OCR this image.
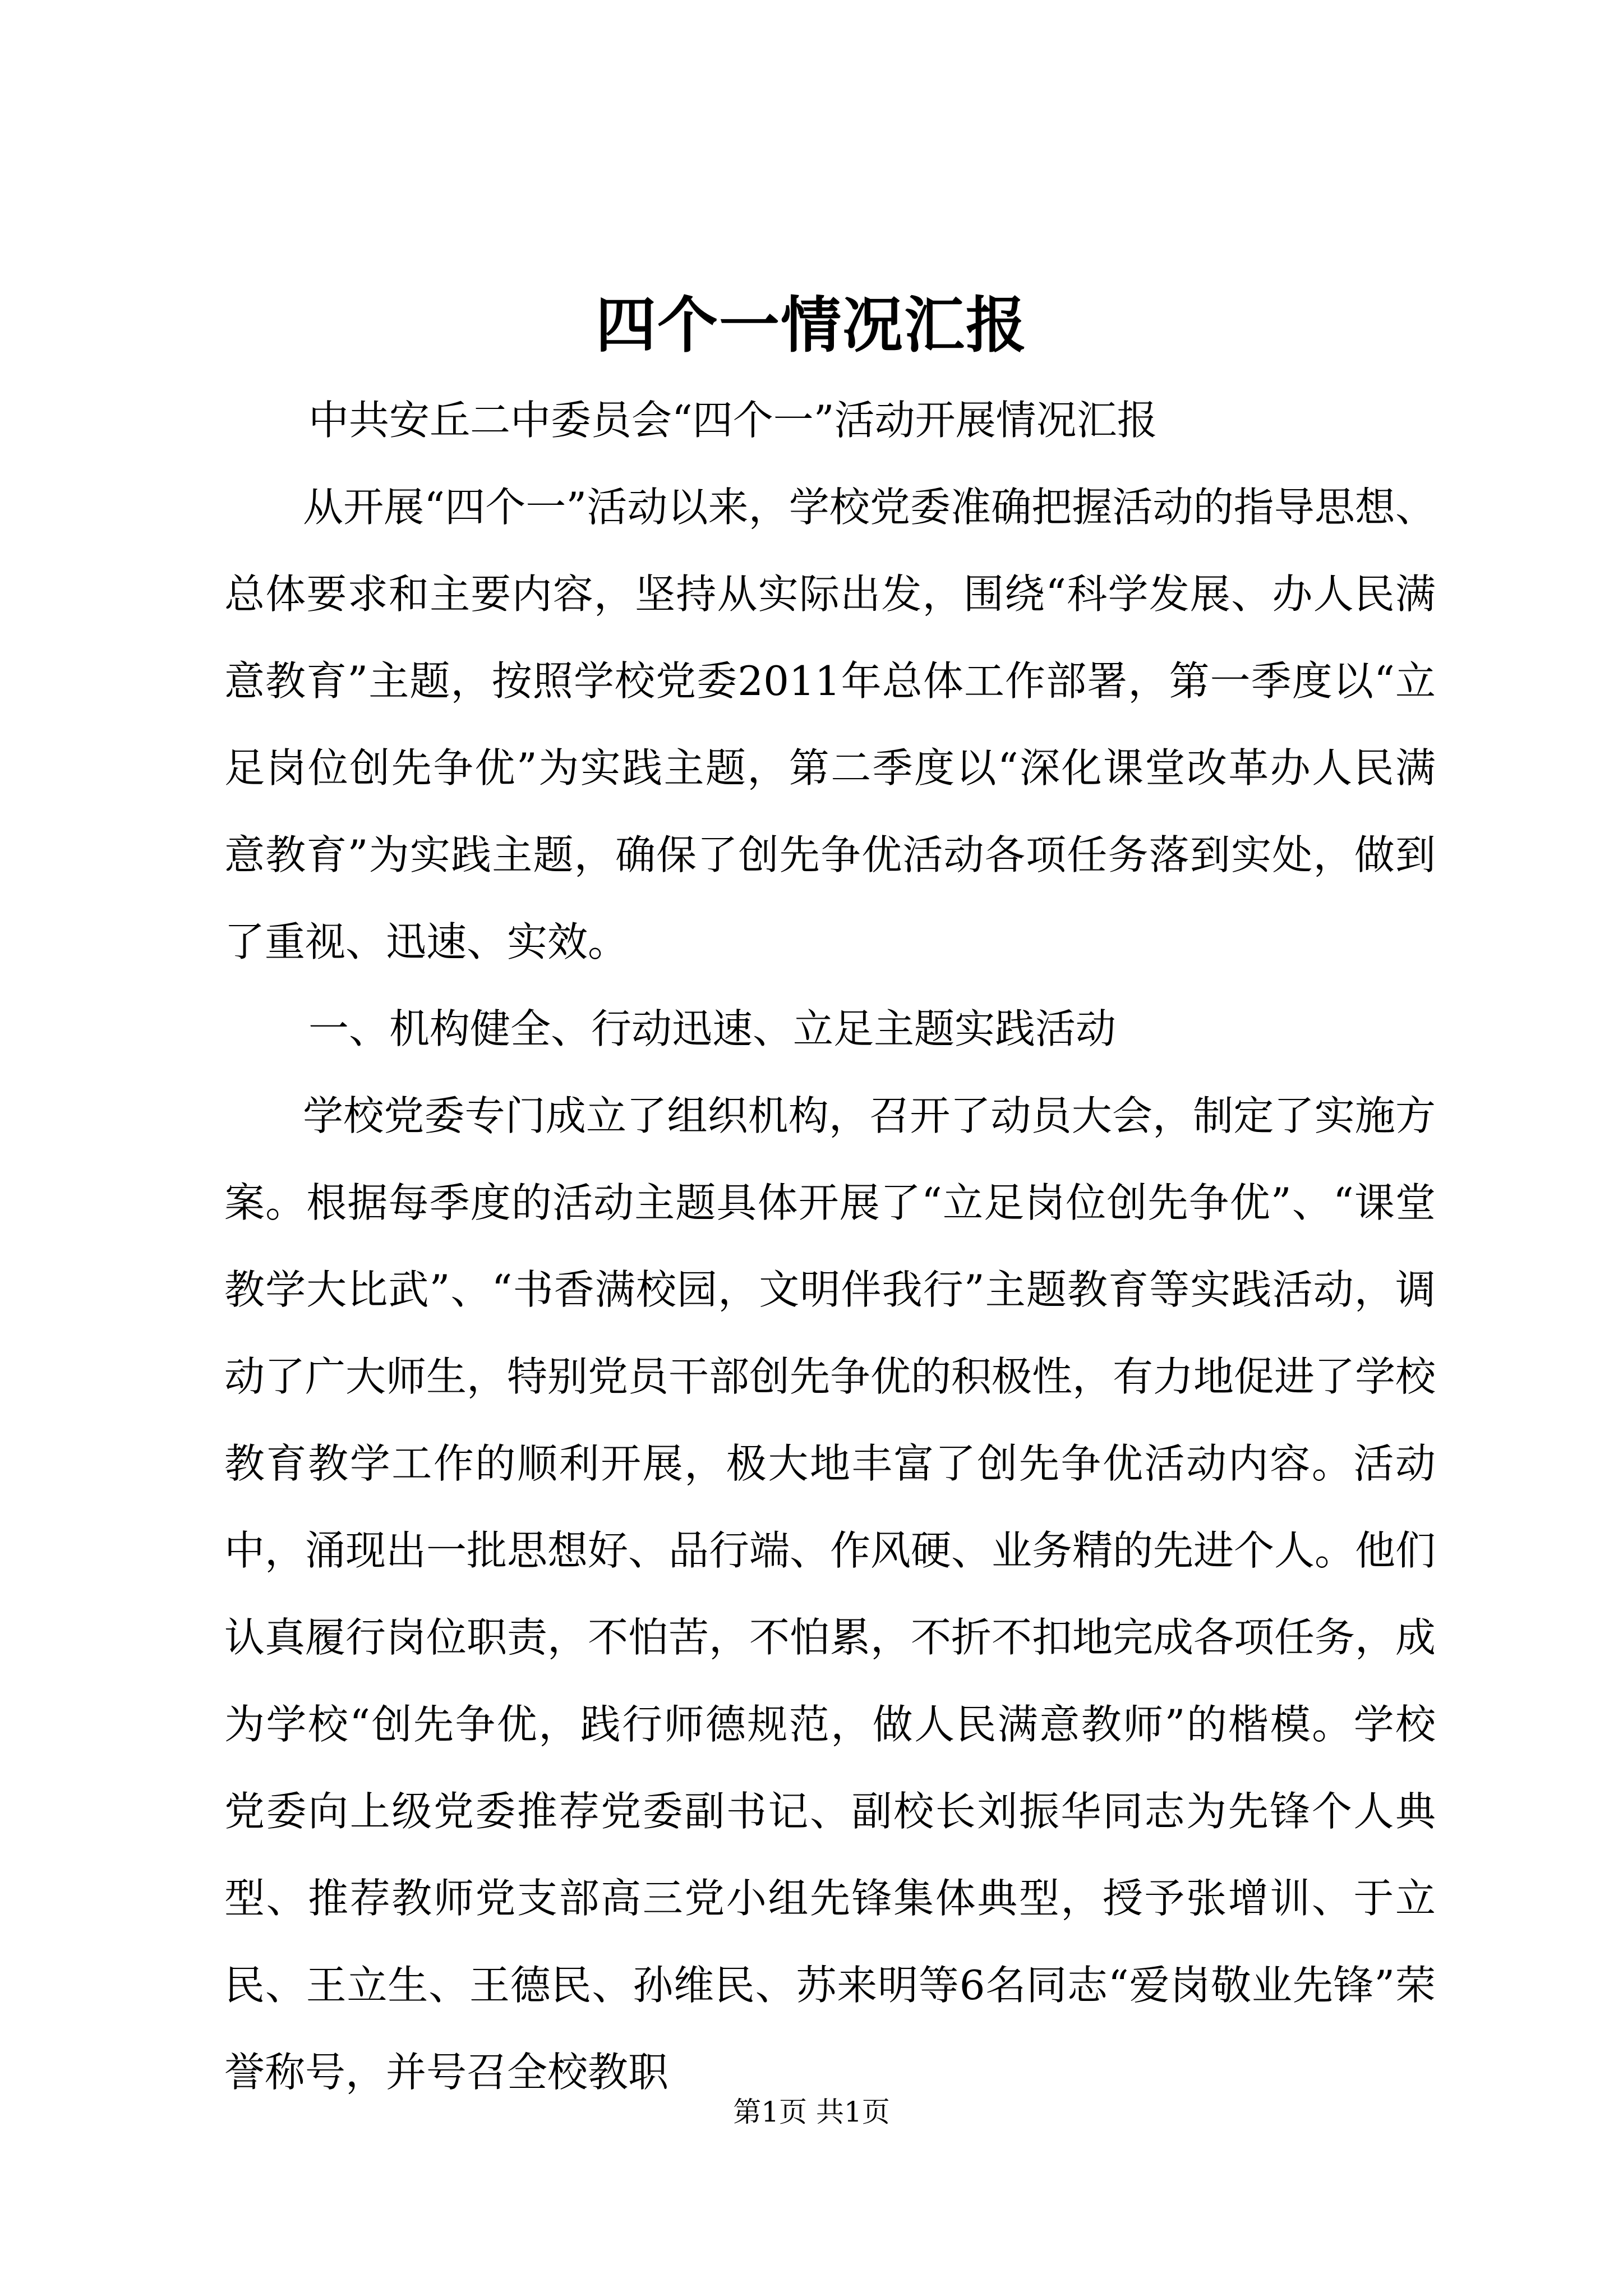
四个一情况汇报

中共安丘二中委员会“四个一”活动开展情况汇报

从开展“四个一”活动以来，学校党委准确把握活动的指导思想、总体要求和主要内容，坚持从实际出发，围绕“科学发展、办人民满意教育”主题，按照学校党委2011年总体工作部署，第一季度以“立足岗位创先争优”为实践主题，第二季度以“深化课堂改革办人民满意教育”为实践主题，确保了创先争优活动各项任务落到实处，做到了重视、迅速、实效。

一、机构健全、行动迅速、立足主题实践活动

学校党委专门成立了组织机构，召开了动员大会，制定了实施方案。根据每季度的活动主题具体开展了“立足岗位创先争优”、“课堂教学大比武”、“书香满校园，文明伴我行”主题教育等实践活动，调动了广大师生，特别党员干部创先争优的积极性，有力地促进了学校教育教学工作的顺利开展，极大地丰富了创先争优活动内容。活动中，涌现出一批思想好、品行端、作风硬、业务精的先进个人。他们认真履行岗位职责，不怕苦，不怕累，不折不扣地完成各项任务，成为学校“创先争优，践行师德规范，做人民满意教师”的楷模。学校党委向上级党委推荐党委副书记、副校长刘振华同志为先锋个人典型、推荐教师党支部高三党小组先锋集体典型，授予张增训、于立民、王立生、王德民、孙维民、苏来明等6名同志“爱岗敬业先锋”荣誉称号，并号召全校教职

第1页 共1页
